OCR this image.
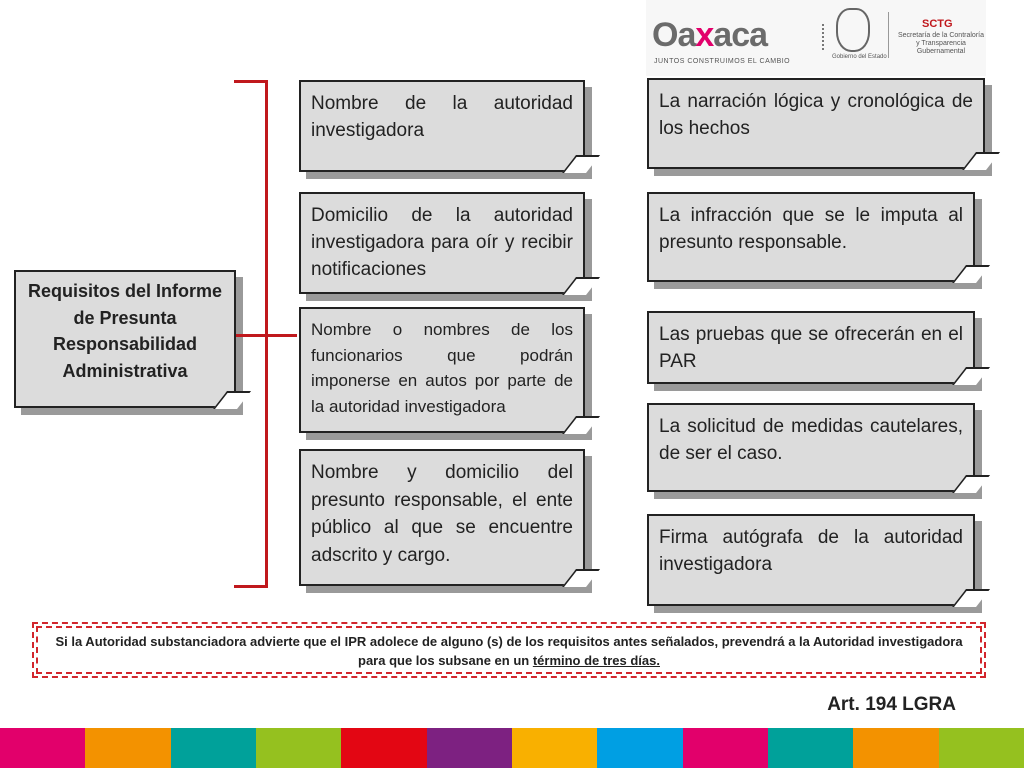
Oaxaca
JUNTOS CONSTRUIMOS EL CAMBIO
Gobierno del Estado
SCTG
Secretaría de la Contraloría y Transparencia Gubernamental
Requisitos del Informe de Presunta Responsabilidad Administrativa
Nombre de la autoridad investigadora
Domicilio de la autoridad investigadora para oír y recibir notificaciones
Nombre o nombres de los funcionarios que podrán imponerse en autos por parte de la autoridad investigadora
Nombre y domicilio del presunto responsable, el ente público al que se encuentre adscrito y cargo.
La narración lógica y cronológica de los hechos
La infracción que se le imputa al presunto responsable.
Las pruebas que se ofrecerán en el PAR
La solicitud de medidas cautelares, de ser el caso.
Firma autógrafa de la autoridad investigadora
Si la Autoridad substanciadora advierte que el IPR adolece de alguno (s) de los requisitos antes señalados, prevendrá a la Autoridad investigadora para que los subsane en un término de tres días.
Art. 194 LGRA
